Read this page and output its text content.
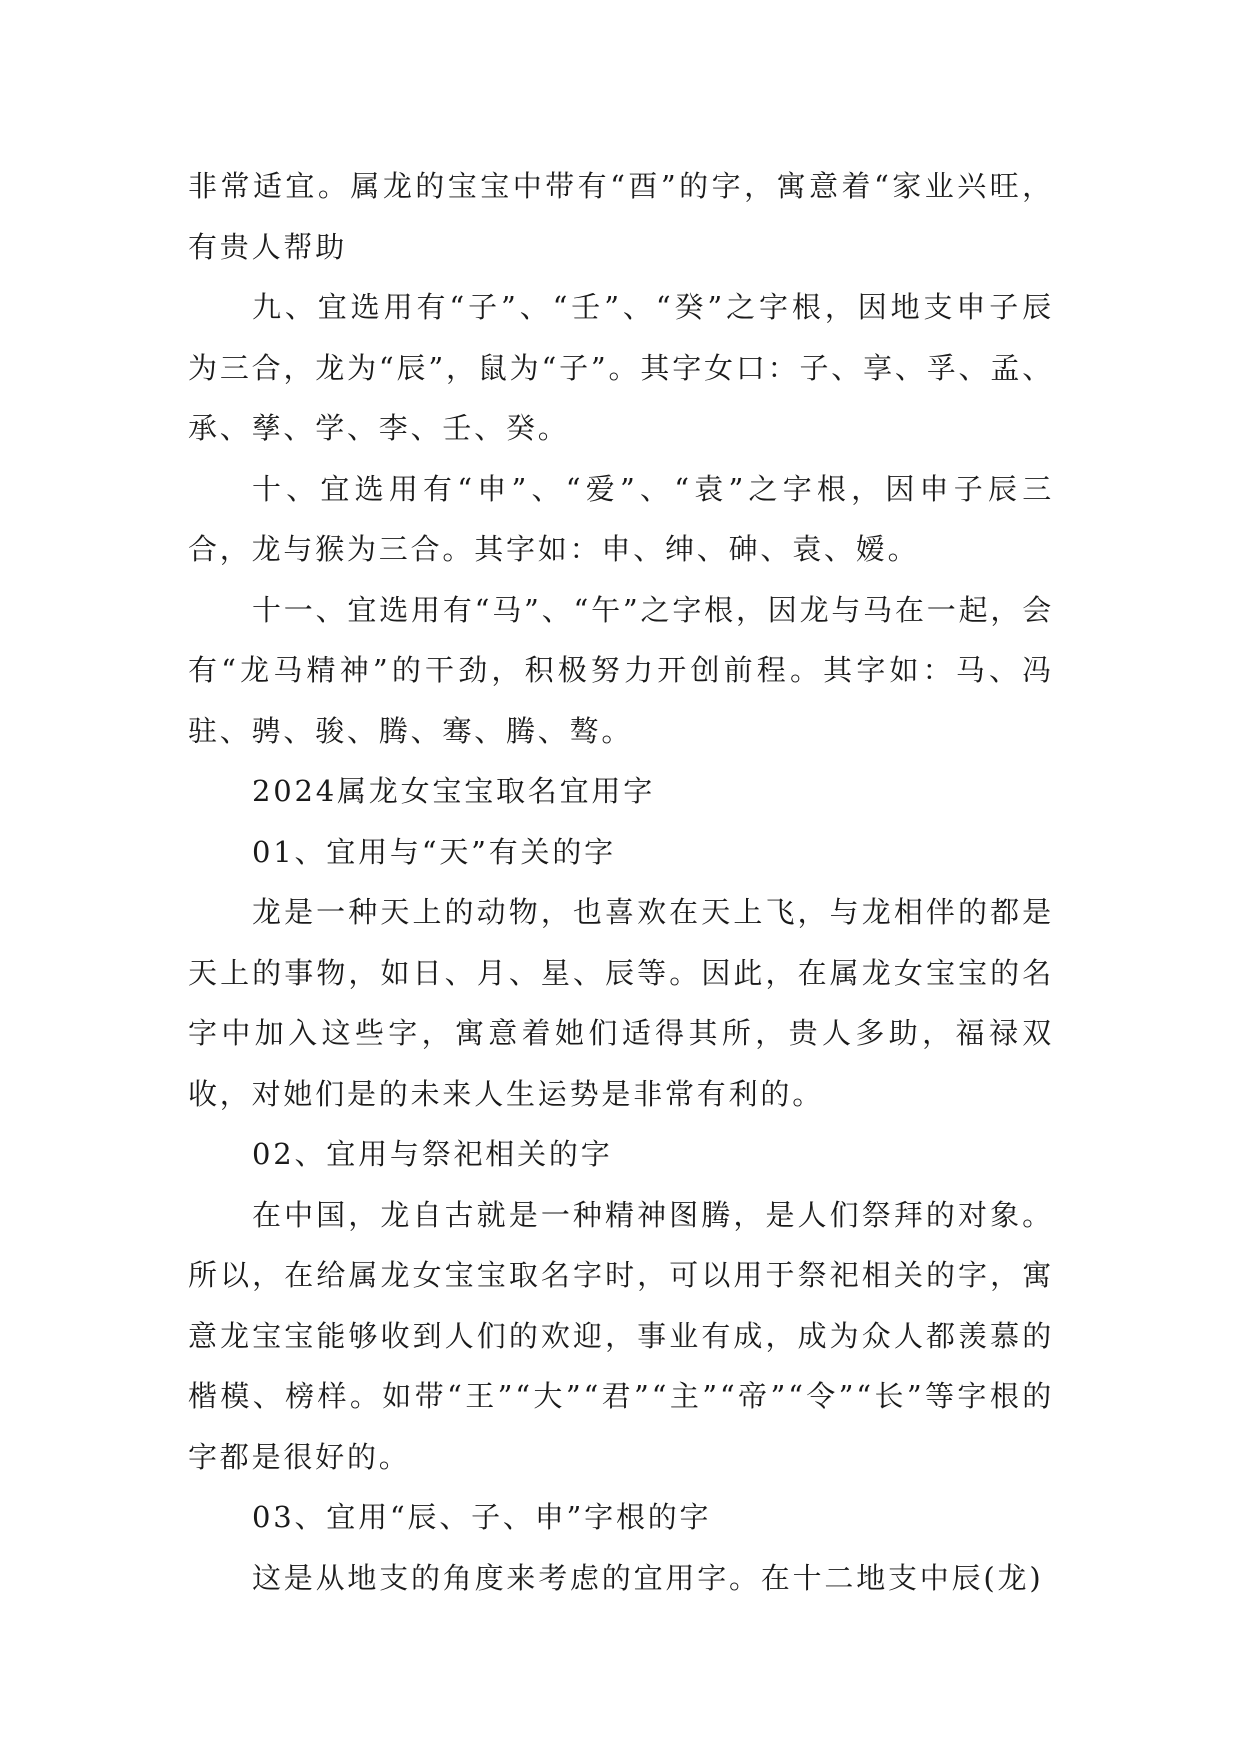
非常适宜。属龙的宝宝中带有“酉”的字，寓意着“家业兴旺，有贵人帮助

九、宜选用有“子”、“壬”、“癸”之字根，因地支申子辰为三合，龙为“辰”，鼠为“子”。其字女口：子、享、孚、孟、承、孳、学、李、壬、癸。

十、宜选用有“申”、“爱”、“袁”之字根，因申子辰三合，龙与猴为三合。其字如：申、绅、砷、袁、嫒。

十一、宜选用有“马”、“午”之字根，因龙与马在一起，会有“龙马精神”的干劲，积极努力开创前程。其字如：马、冯驻、骋、骏、腾、骞、腾、骜。

2024属龙女宝宝取名宜用字

01、宜用与“天”有关的字

龙是一种天上的动物，也喜欢在天上飞，与龙相伴的都是天上的事物，如日、月、星、辰等。因此，在属龙女宝宝的名字中加入这些字，寓意着她们适得其所，贵人多助，福禄双收，对她们是的未来人生运势是非常有利的。

02、宜用与祭祀相关的字

在中国，龙自古就是一种精神图腾，是人们祭拜的对象。所以，在给属龙女宝宝取名字时，可以用于祭祀相关的字，寓意龙宝宝能够收到人们的欢迎，事业有成，成为众人都羡慕的楷模、榜样。如带“王”“大”“君”“主”“帝”“令”“长”等字根的字都是很好的。

03、宜用“辰、子、申”字根的字

这是从地支的角度来考虑的宜用字。在十二地支中辰(龙)
